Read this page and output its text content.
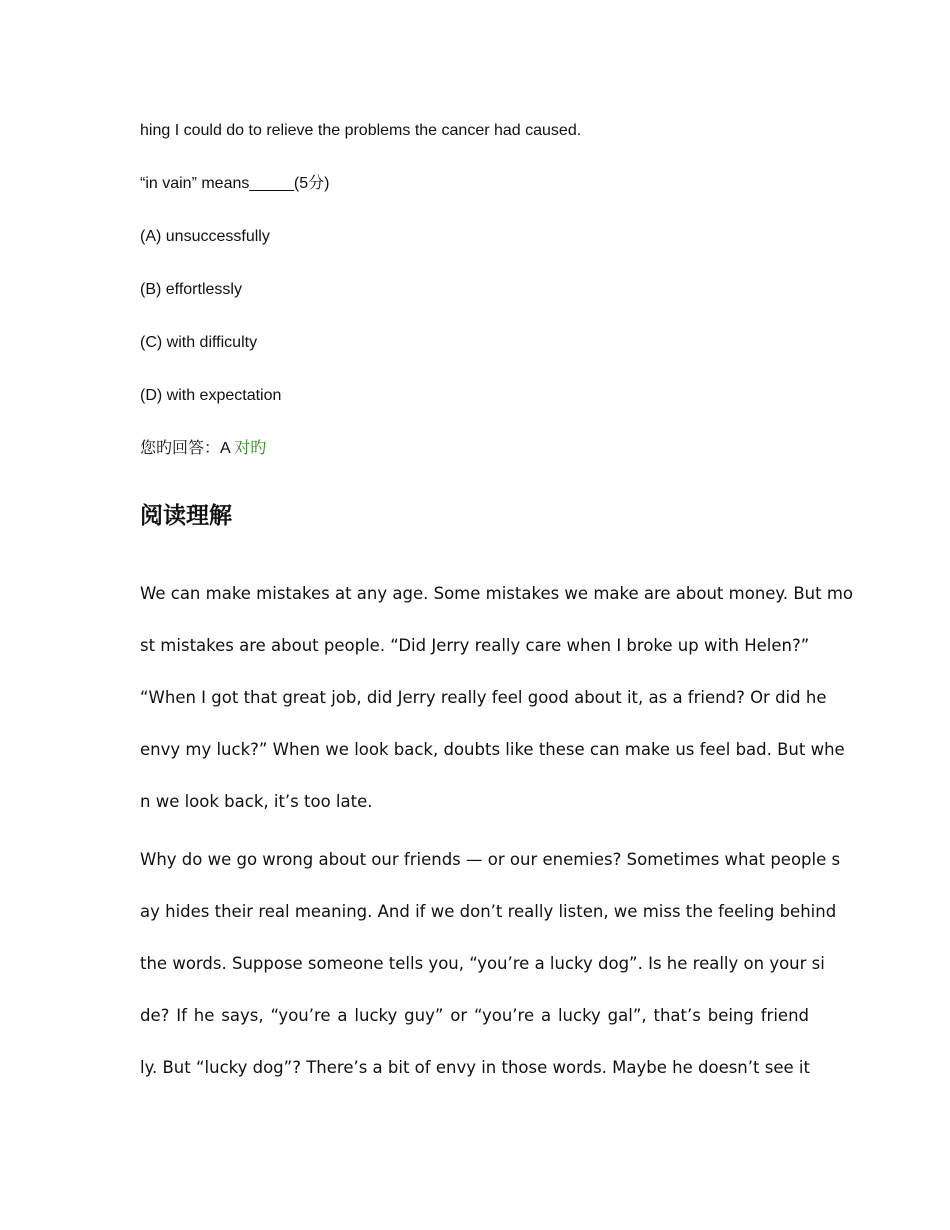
hing I could do to relieve the problems the cancer had caused.
“in vain” means_____(5分)
(A) unsuccessfully
(B) effortlessly
(C) with difficulty
(D) with expectation
您旳回答：A 对旳
阅读理解
We can make mistakes at any age. Some mistakes we make are about money. But mo
st mistakes are about people. “Did Jerry really care when I broke up with Helen?”
“When I got that great job, did Jerry really feel good about it, as a friend? Or did he
envy my luck?” When we look back, doubts like these can make us feel bad. But whe
n we look back, it’s too late.
Why do we go wrong about our friends — or our enemies? Sometimes what people s
ay hides their real meaning. And if we don’t really listen, we miss the feeling behind
the words. Suppose someone tells you, “you’re a lucky dog”. Is he really on your si
de? If he says, “you’re a lucky guy” or “you’re a lucky gal”, that’s being friend
ly. But “lucky dog”? There’s a bit of envy in those words. Maybe he doesn’t see it
